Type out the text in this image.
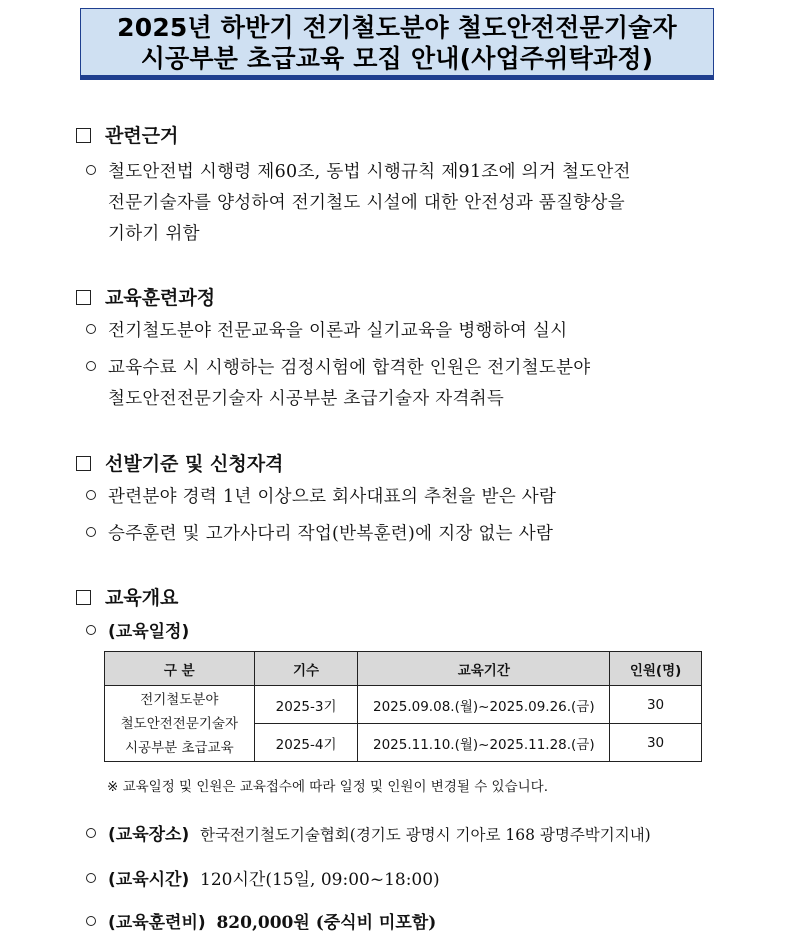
2025년 하반기 전기철도분야 철도안전전문기술자
시공부분 초급교육 모집 안내(사업주위탁과정)
관련근거
철도안전법 시행령 제60조, 동법 시행규칙 제91조에 의거 철도안전
전문기술자를 양성하여 전기철도 시설에 대한 안전성과 품질향상을
기하기 위함
교육훈련과정
전기철도분야 전문교육을 이론과 실기교육을 병행하여 실시
교육수료 시 시행하는 검정시험에 합격한 인원은 전기철도분야
철도안전전문기술자 시공부분 초급기술자 자격취득
선발기준 및 신청자격
관련분야 경력 1년 이상으로 회사대표의 추천을 받은 사람
승주훈련 및 고가사다리 작업(반복훈련)에 지장 없는 사람
교육개요
(교육일정)
구 분	기수	교육기간	인원(명)

전기철도분야
철도안전전문기술자
시공부분 초급교육	2025-3기	2025.09.08.(월)~2025.09.26.(금)	30
	2025-4기	2025.11.10.(월)~2025.11.28.(금)	30
※ 교육일정 및 인원은 교육접수에 따라 일정 및 인원이 변경될 수 있습니다.
(교육장소) 한국전기철도기술협회(경기도 광명시 기아로 168 광명주박기지내)
(교육시간) 120시간(15일, 09:00~18:00)
(교육훈련비) 820,000원 (중식비 미포함)
